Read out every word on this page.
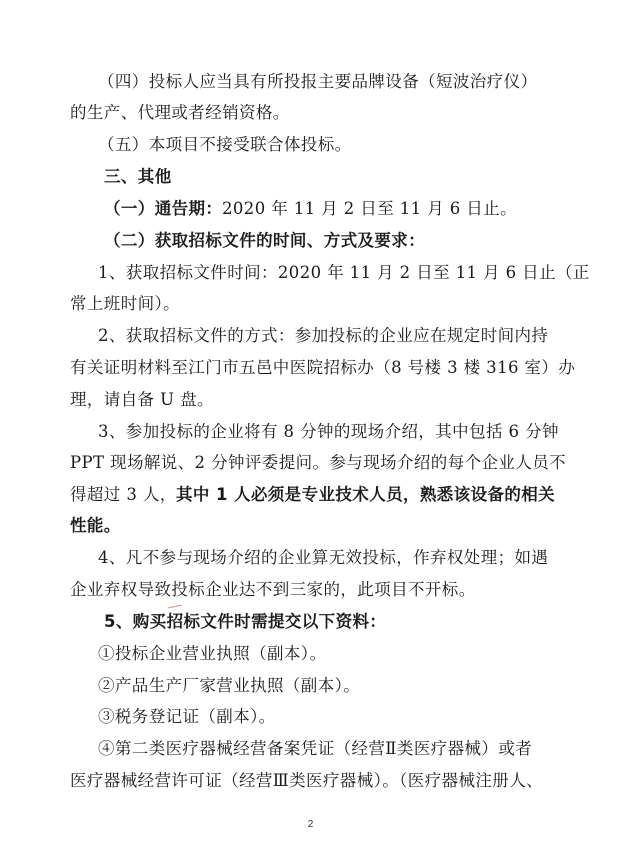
（四）投标人应当具有所投报主要品牌设备（短波治疗仪）
的生产、代理或者经销资格。
（五）本项目不接受联合体投标。
三、其他
（一）通告期： 2020 年 11 月 2 日至 11 月 6 日止。
（二）获取招标文件的时间、方式及要求：
1、获取招标文件时间：2020 年 11 月 2 日至 11 月 6 日止（正
常上班时间）。
2、获取招标文件的方式：参加投标的企业应在规定时间内持
有关证明材料至江门市五邑中医院招标办（8 号楼 3 楼 316 室）办
理，请自备 U 盘。
3、参加投标的企业将有 8 分钟的现场介绍，其中包括 6 分钟
PPT 现场解说、2 分钟评委提问。参与现场介绍的每个企业人员不
得超过 3 人， 其中 1 人必须是专业技术人员，熟悉该设备的相关
性能。
4、凡不参与现场介绍的企业算无效投标，作弃权处理；如遇
企业弃权导致投标企业达不到三家的，此项目不开标。
5、购买招标文件时需提交以下资料：
①投标企业营业执照（副本）。
②产品生产厂家营业执照（副本）。
③税务登记证（副本）。
④第二类医疗器械经营备案凭证（经营Ⅱ类医疗器械）或者
医疗器械经营许可证（经营Ⅲ类医疗器械）。（医疗器械注册人、
2
